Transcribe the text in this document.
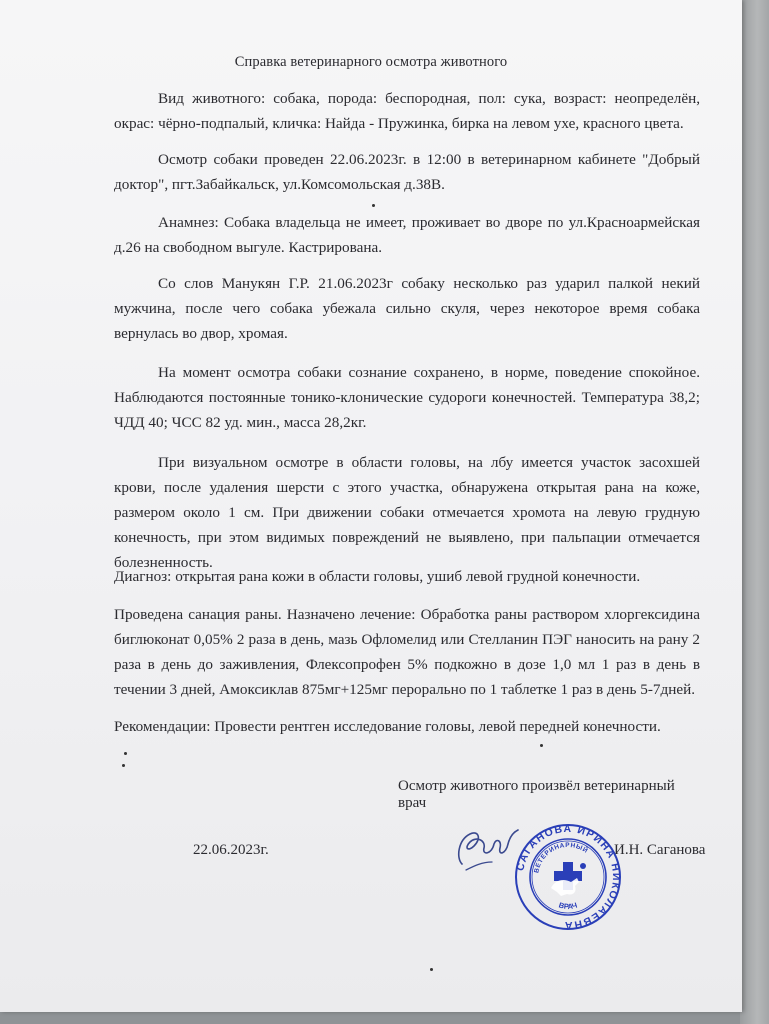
Справка ветеринарного осмотра животного
Вид животного: собака, порода: беспородная, пол: сука, возраст: неопределён, окрас: чёрно-подпалый, кличка: Найда - Пружинка, бирка на левом ухе, красного цвета.
Осмотр собаки проведен 22.06.2023г. в 12:00 в ветеринарном кабинете "Добрый доктор", пгт.Забайкальск, ул.Комсомольская д.38В.
Анамнез: Собака владельца не имеет, проживает во дворе по ул.Красноармейская д.26 на свободном выгуле. Кастрирована.
Со слов Манукян Г.Р. 21.06.2023г собаку несколько раз ударил палкой некий мужчина, после чего собака убежала сильно скуля, через некоторое время собака вернулась во двор, хромая.
На момент осмотра собаки сознание сохранено, в норме, поведение спокойное. Наблюдаются постоянные тонико-клонические судороги конечностей. Температура 38,2; ЧДД 40; ЧСС 82 уд. мин., масса 28,2кг.
При визуальном осмотре в области головы, на лбу имеется участок засохшей крови, после удаления шерсти с этого участка, обнаружена открытая рана на коже, размером около 1 см. При движении собаки отмечается хромота на левую грудную конечность, при этом видимых повреждений не выявлено, при пальпации отмечается болезненность.
Диагноз: открытая рана кожи в области головы, ушиб левой грудной конечности.
Проведена санация раны. Назначено лечение: Обработка раны раствором хлоргексидина биглюконат 0,05% 2 раза в день, мазь Офломелид или Стелланин ПЭГ наносить на рану 2 раза в день до заживления, Флексопрофен 5% подкожно в дозе 1,0 мл 1 раз в день в течении 3 дней, Амоксиклав 875мг+125мг перорально по 1 таблетке 1 раз в день 5-7дней.
Рекомендации: Провести рентген исследование головы, левой передней конечности.
Осмотр животного произвёл ветеринарный врач
22.06.2023г.	И.Н. Саганова
САГАНОВА ИРИНА НИКОЛАЕВНА
ВЕТЕРИНАРНЫЙ
ВРАЧ
